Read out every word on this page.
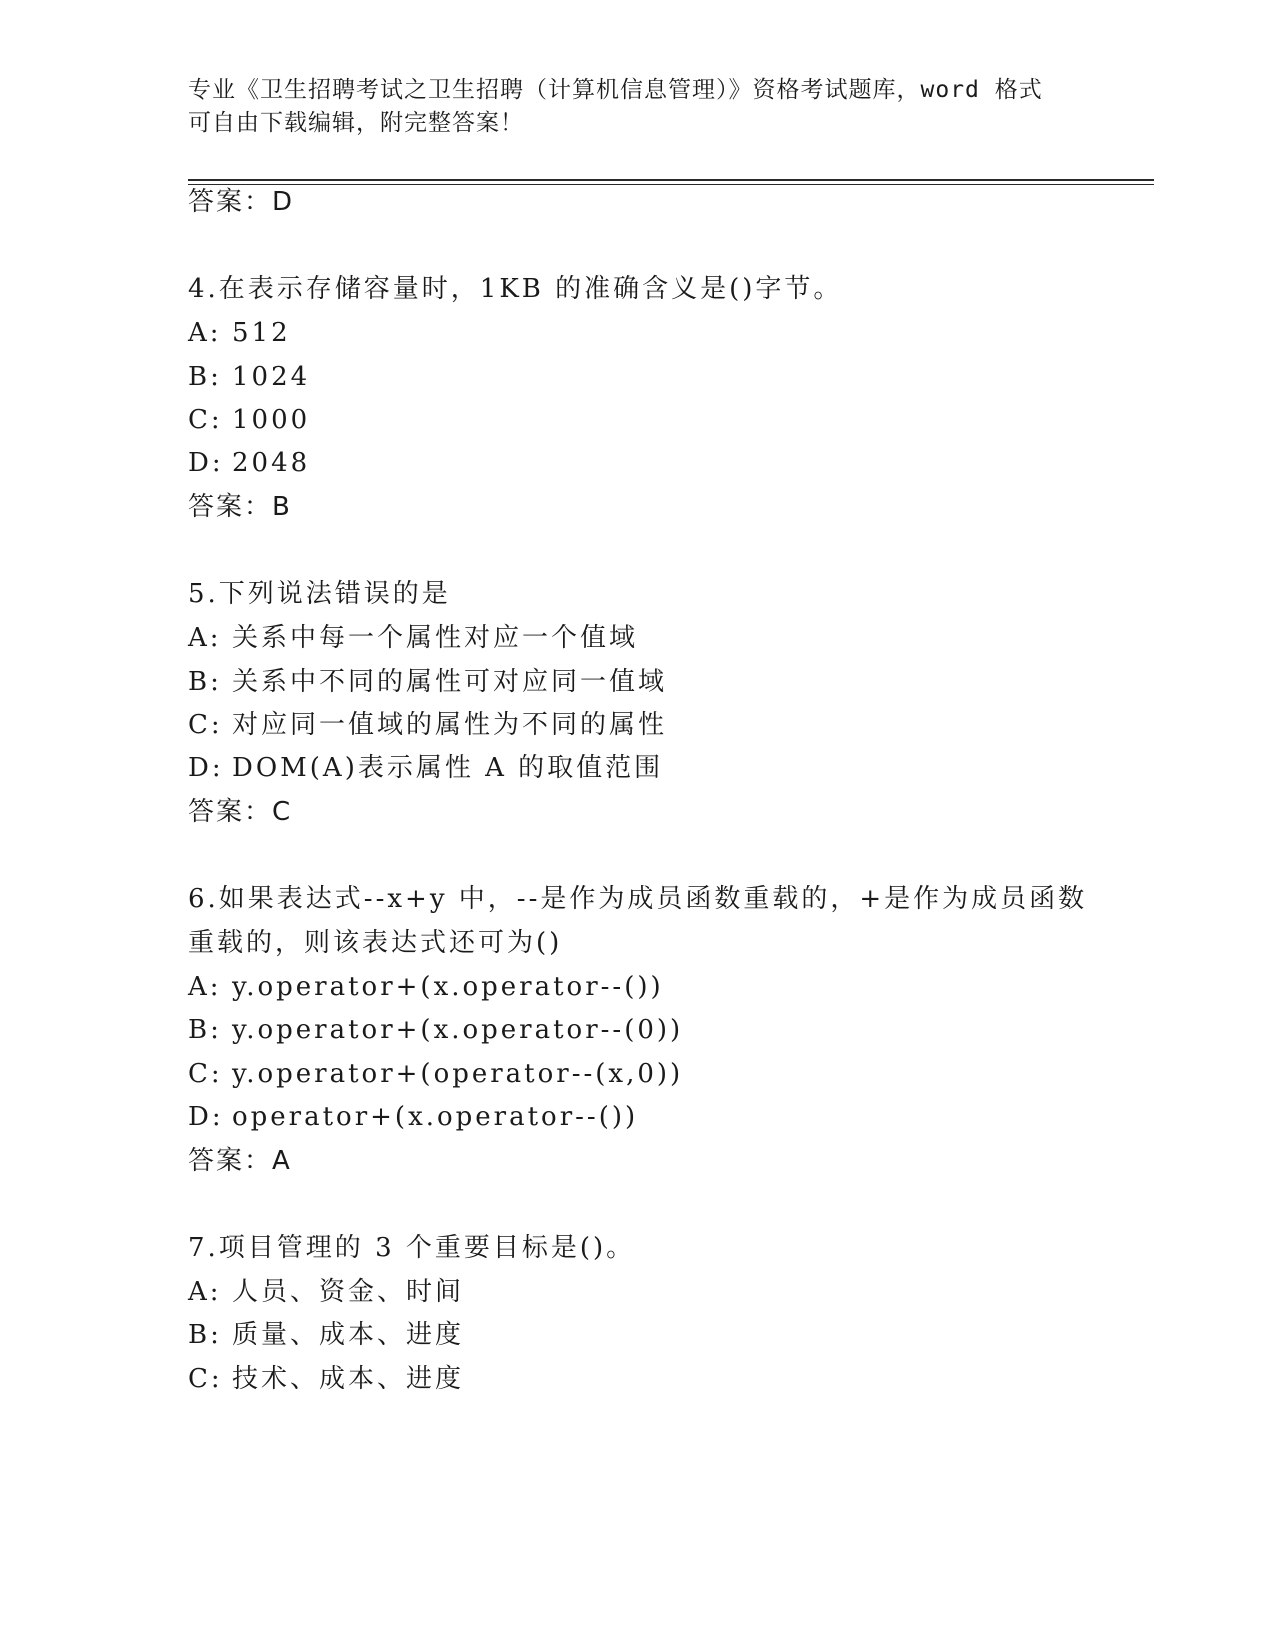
专业《卫生招聘考试之卫生招聘（计算机信息管理）》资格考试题库，word 格式
可自由下载编辑，附完整答案！
答案：D
4.在表示存储容量时，1KB 的准确含义是()字节。
A: 512
B: 1024
C: 1000
D: 2048
答案：B
5.下列说法错误的是
A: 关系中每一个属性对应一个值域
B: 关系中不同的属性可对应同一值域
C: 对应同一值域的属性为不同的属性
D: DOM(A)表示属性 A 的取值范围
答案：C
6.如果表达式--x+y 中，--是作为成员函数重载的，+是作为成员函数
重载的，则该表达式还可为()
A: y.operator+(x.operator--())
B: y.operator+(x.operator--(0))
C: y.operator+(operator--(x,0))
D: operator+(x.operator--())
答案：A
7.项目管理的 3 个重要目标是()。
A: 人员、资金、时间
B: 质量、成本、进度
C: 技术、成本、进度
